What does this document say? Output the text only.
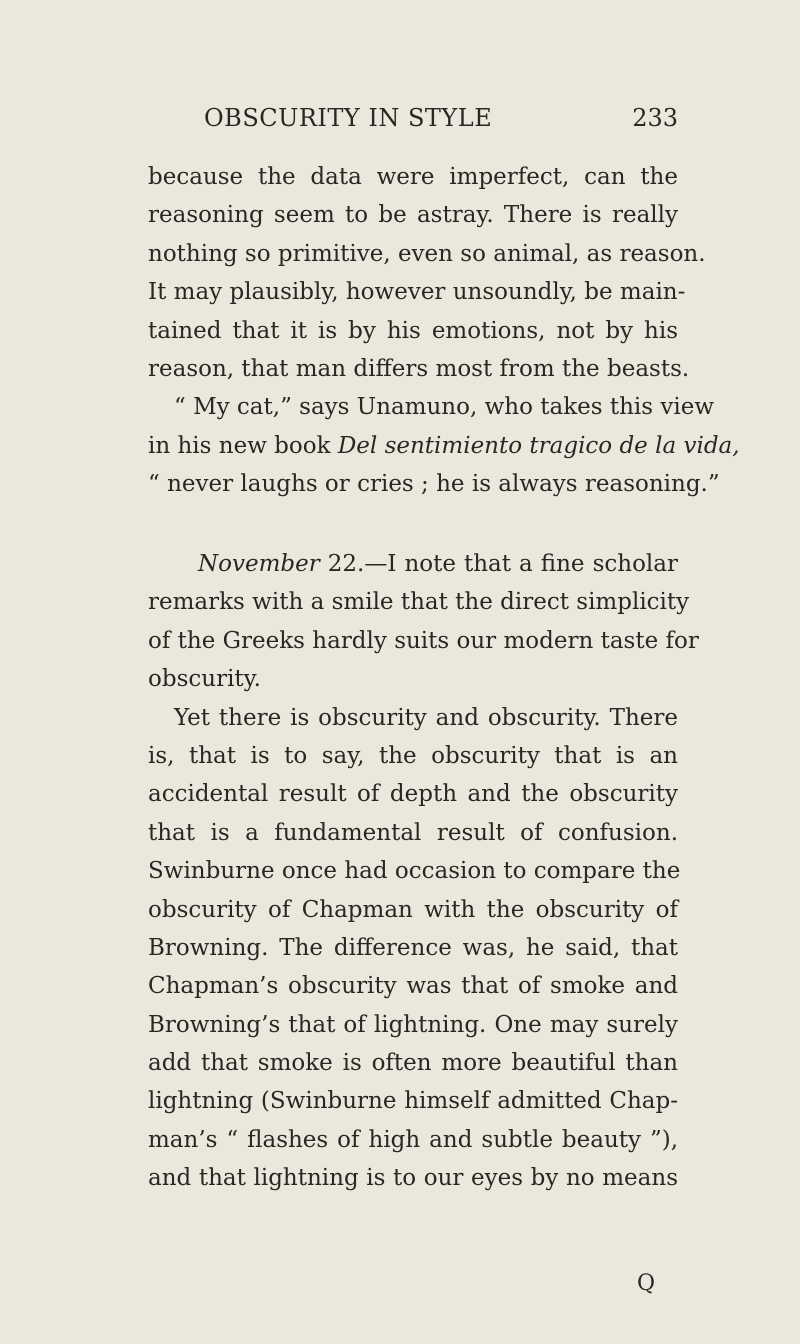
OBSCURITY IN STYLE	233
because the data were imperfect, can the
reasoning seem to be astray. There is really
nothing so primitive, even so animal, as reason.
It may plausibly, however unsoundly, be main-
tained that it is by his emotions, not by his
reason, that man differs most from the beasts.
“ My cat,” says Unamuno, who takes this view
in his new book Del sentimiento tragico de la vida,
“ never laughs or cries ; he is always reasoning.”
November 22.—I note that a fine scholar
remarks with a smile that the direct simplicity
of the Greeks hardly suits our modern taste for
obscurity.
Yet there is obscurity and obscurity. There
is, that is to say, the obscurity that is an
accidental result of depth and the obscurity
that is a fundamental result of confusion.
Swinburne once had occasion to compare the
obscurity of Chapman with the obscurity of
Browning. The difference was, he said, that
Chapman’s obscurity was that of smoke and
Browning’s that of lightning. One may surely
add that smoke is often more beautiful than
lightning (Swinburne himself admitted Chap-
man’s “ flashes of high and subtle beauty ”),
and that lightning is to our eyes by no means
Q
